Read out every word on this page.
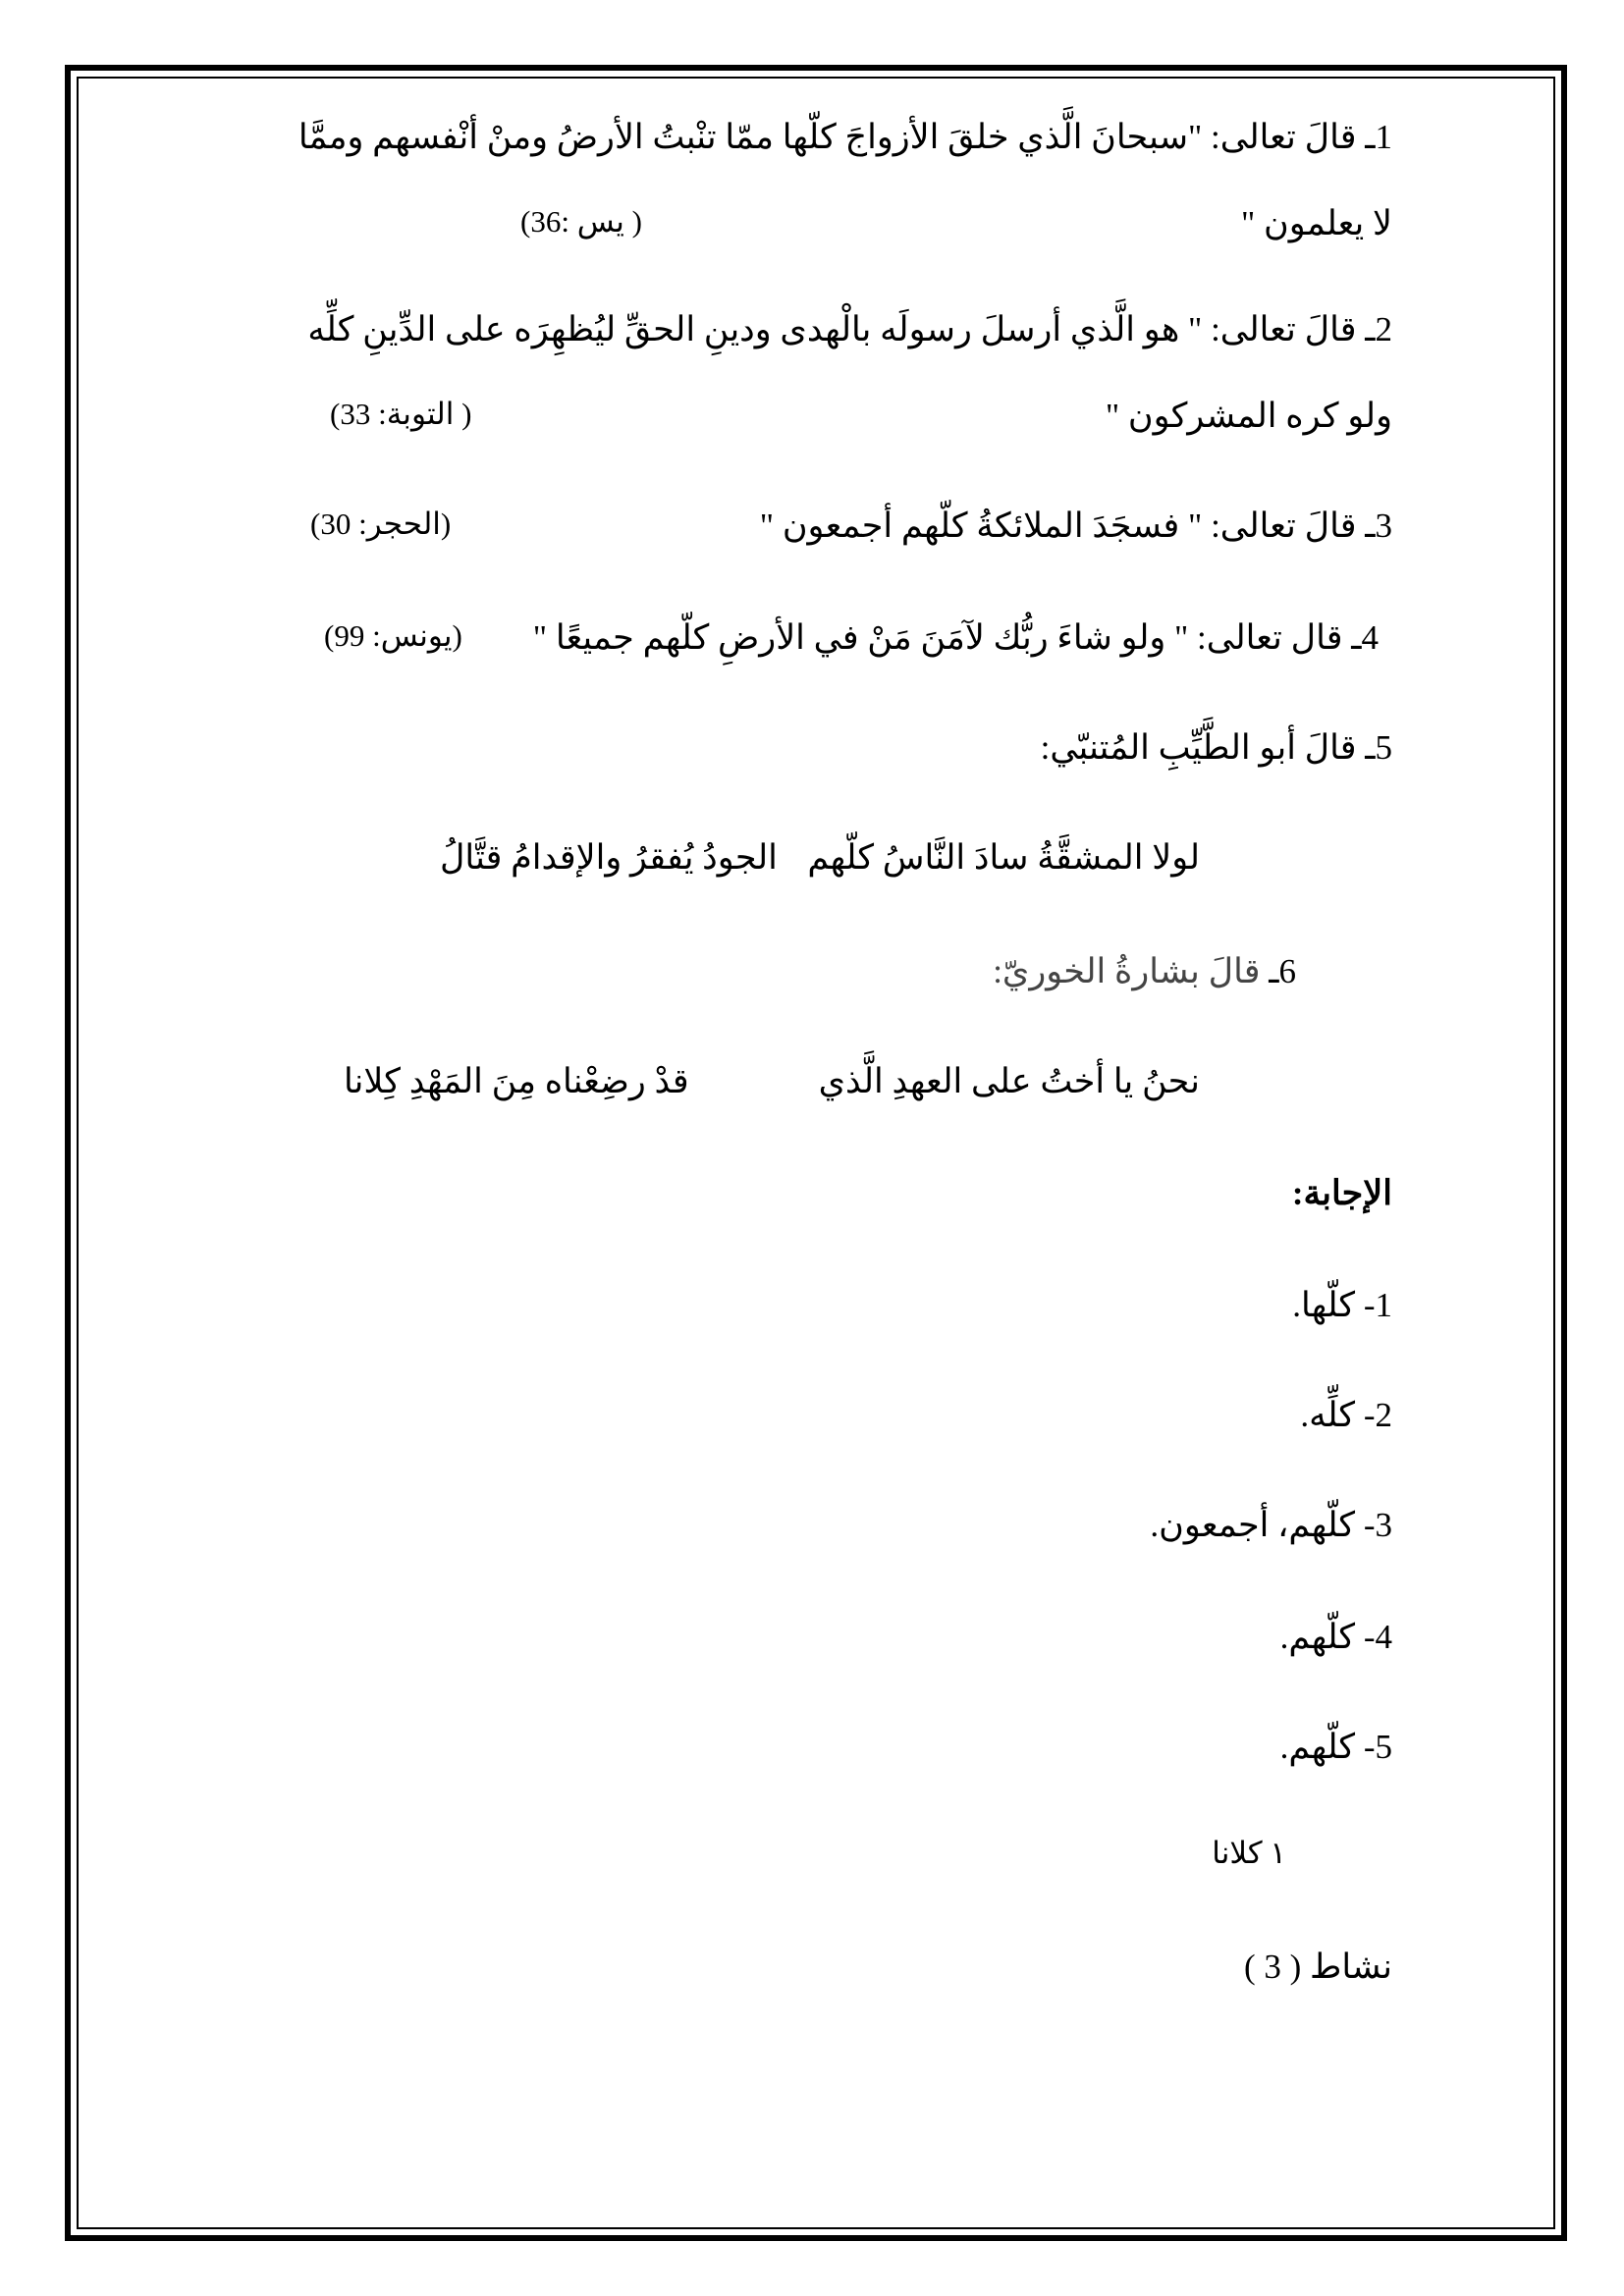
1ـ قالَ تعالى: "سبحانَ الَّذي خلقَ الأزواجَ كلّها ممّا تنْبتُ الأرضُ ومنْ أنْفسهم وممَّا
لا يعلمون "
( يس :36)
2ـ قالَ تعالى: " هو الَّذي أرسلَ رسولَه بالْهدى ودينِ الحقِّ ليُظهِرَه على الدِّينِ كلِّه
ولو كره المشركون "
( التوبة: 33)
3ـ قالَ تعالى: " فسجَدَ الملائكةُ كلّهم أجمعون "
(الحجر: 30)
4ـ قال تعالى: " ولو شاءَ ربُّك لآمَنَ مَنْ في الأرضِ كلّهم جميعًا "
(يونس: 99)
5ـ قالَ أبو الطَّيِّبِ المُتنبّي:
لولا المشقَّةُ سادَ النَّاسُ كلّهم
الجودُ يُفقرُ والإقدامُ قتَّالُ
6ـ قالَ بشارةُ الخوريّ:
نحنُ يا أختُ على العهدِ الَّذي
قدْ رضِعْناه مِنَ المَهْدِ كِلانا
الإجابة:
1- كلّها.
2- كلِّه.
3- كلّهم، أجمعون.
4- كلّهم.
5- كلّهم.
١ كلانا
نشاط ( 3 )
